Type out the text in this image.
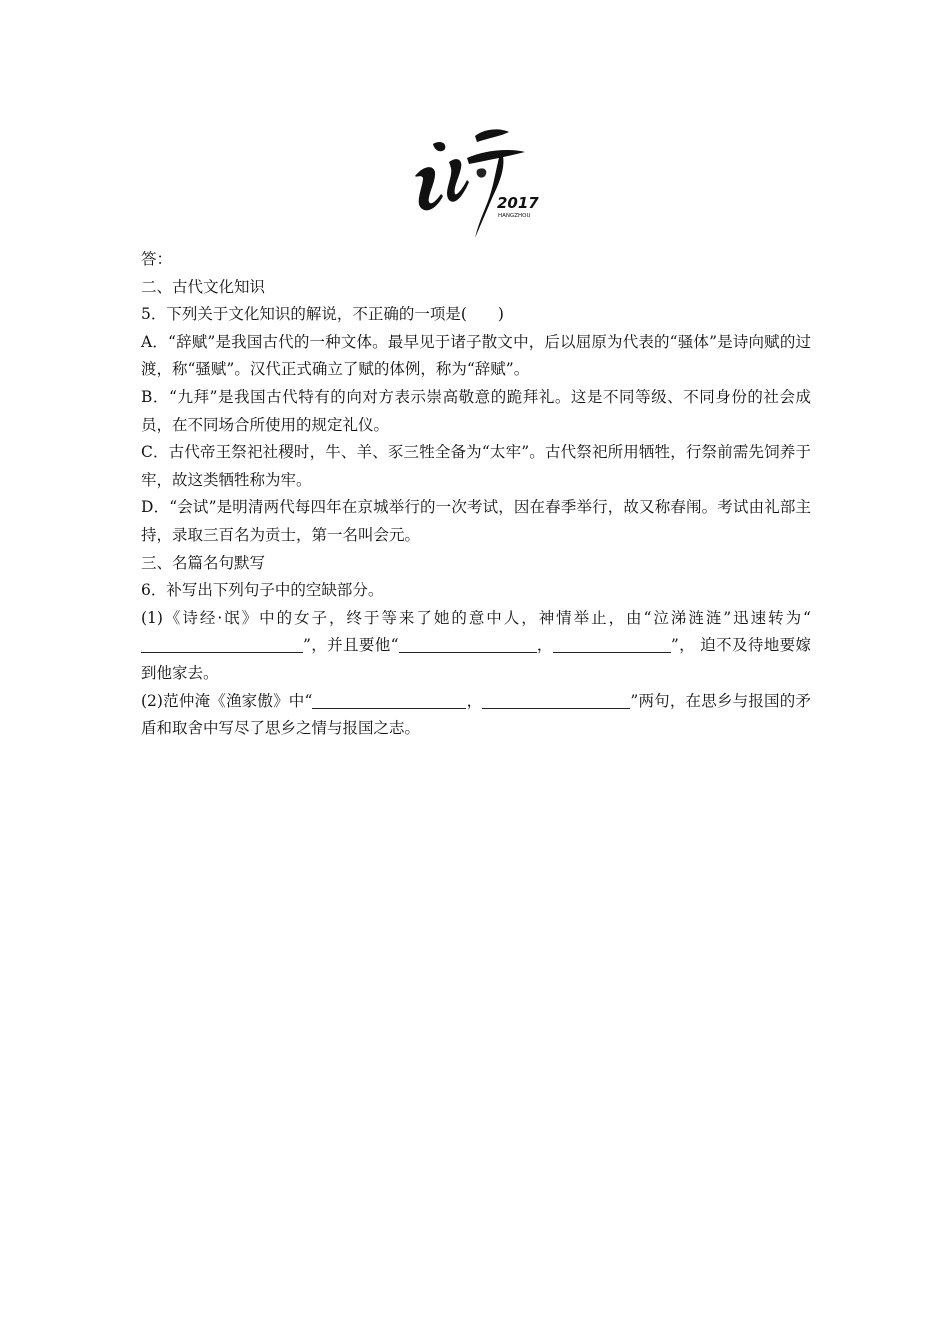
2017
HANGZHOU

答：

二、古代文化知识

5．下列关于文化知识的解说，不正确的一项是(　　)

A．“辞赋”是我国古代的一种文体。最早见于诸子散文中，后以屈原为代表的“骚体”是诗向赋的过渡，称“骚赋”。汉代正式确立了赋的体例，称为“辞赋”。

B．“九拜”是我国古代特有的向对方表示崇高敬意的跪拜礼。这是不同等级、不同身份的社会成员，在不同场合所使用的规定礼仪。

C．古代帝王祭祀社稷时，牛、羊、豕三牲全备为“太牢”。古代祭祀所用牺牲，行祭前需先饲养于牢，故这类牺牲称为牢。

D．“会试”是明清两代每四年在京城举行的一次考试，因在春季举行，故又称春闱。考试由礼部主持，录取三百名为贡士，第一名叫会元。

三、名篇名句默写

6．补写出下列句子中的空缺部分。

(1)《诗经·氓》中的女子，终于等来了她的意中人，神情举止，由“泣涕涟涟”迅速转为“”，并且要他“	，	”， 迫不及待地要嫁到他家去。

(2)范仲淹《渔家傲》中“	，	”两句，在思乡与报国的矛盾和取舍中写尽了思乡之情与报国之志。
